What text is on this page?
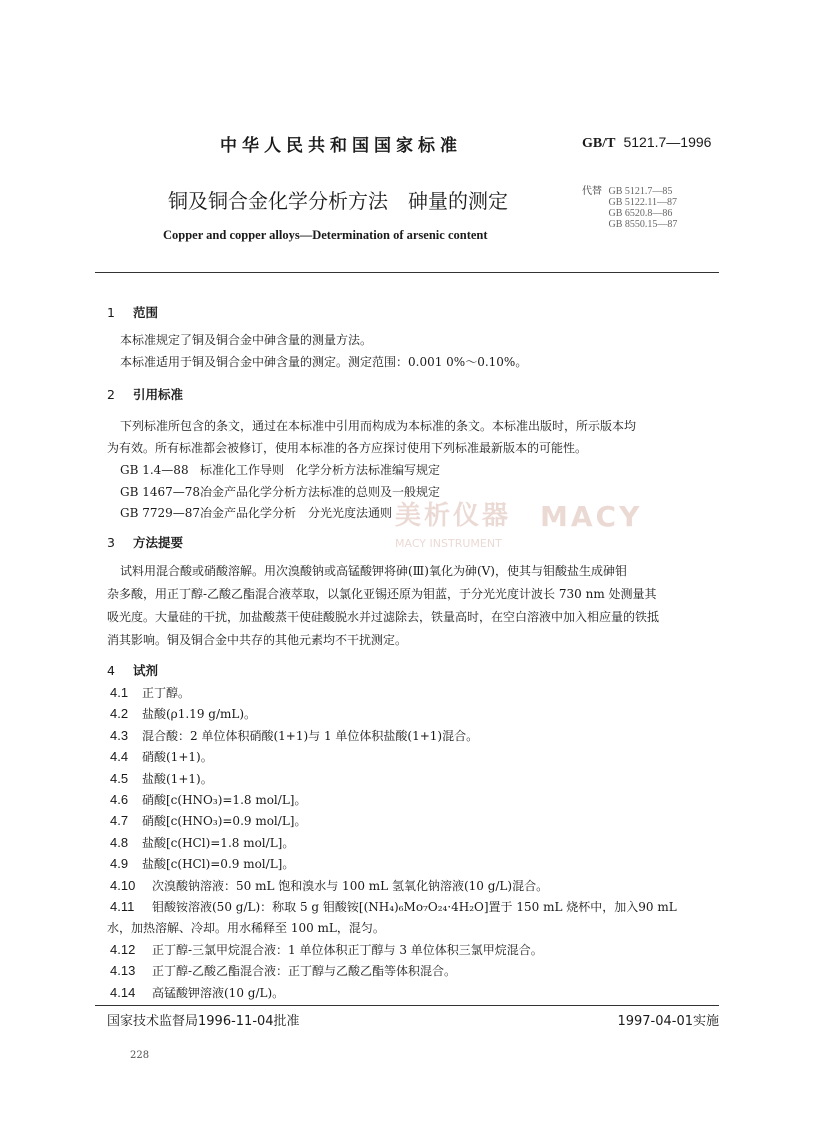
美析仪器 MACY
MACY INSTRUMENT
中华人民共和国国家标准	GB/T 5121.7—1996
铜及铜合金化学分析方法　砷量的测定
Copper and copper alloys—Determination of arsenic content
代替 GB 5121.7—85
GB 5122.11—87
GB 6520.8—86
GB 8550.15—87
1 范围
本标准规定了铜及铜合金中砷含量的测量方法。
本标准适用于铜及铜合金中砷含量的测定。测定范围：0.001 0%～0.10%。
2 引用标准
下列标准所包含的条文，通过在本标准中引用而构成为本标准的条文。本标准出版时，所示版本均
为有效。所有标准都会被修订，使用本标准的各方应探讨使用下列标准最新版本的可能性。
GB 1.4—88 标准化工作导则　化学分析方法标准编写规定
GB 1467—78冶金产品化学分析方法标准的总则及一般规定
GB 7729—87冶金产品化学分析　分光光度法通则
3 方法提要
试料用混合酸或硝酸溶解。用次溴酸钠或高锰酸钾将砷(Ⅲ)氧化为砷(Ⅴ)，使其与钼酸盐生成砷钼
杂多酸，用正丁醇-乙酸乙酯混合液萃取，以氯化亚锡还原为钼蓝，于分光光度计波长 730 nm 处测量其
吸光度。大量硅的干扰，加盐酸蒸干使硅酸脱水并过滤除去，铁量高时，在空白溶液中加入相应量的铁抵
消其影响。铜及铜合金中共存的其他元素均不干扰测定。
4 试剂
4.1 正丁醇。
4.2 盐酸(ρ1.19 g/mL)。
4.3 混合酸：2 单位体积硝酸(1+1)与 1 单位体积盐酸(1+1)混合。
4.4 硝酸(1+1)。
4.5 盐酸(1+1)。
4.6 硝酸[c(HNO₃)=1.8 mol/L]。
4.7 硝酸[c(HNO₃)=0.9 mol/L]。
4.8 盐酸[c(HCl)=1.8 mol/L]。
4.9 盐酸[c(HCl)=0.9 mol/L]。
4.10 次溴酸钠溶液：50 mL 饱和溴水与 100 mL 氢氧化钠溶液(10 g/L)混合。
4.11 钼酸铵溶液(50 g/L)：称取 5 g 钼酸铵[(NH₄)₆Mo₇O₂₄·4H₂O]置于 150 mL 烧杯中，加入90 mL
水，加热溶解、冷却。用水稀释至 100 mL，混匀。
4.12 正丁醇-三氯甲烷混合液：1 单位体积正丁醇与 3 单位体积三氯甲烷混合。
4.13 正丁醇-乙酸乙酯混合液：正丁醇与乙酸乙酯等体积混合。
4.14 高锰酸钾溶液(10 g/L)。
国家技术监督局1996-11-04批准	1997-04-01实施
228
